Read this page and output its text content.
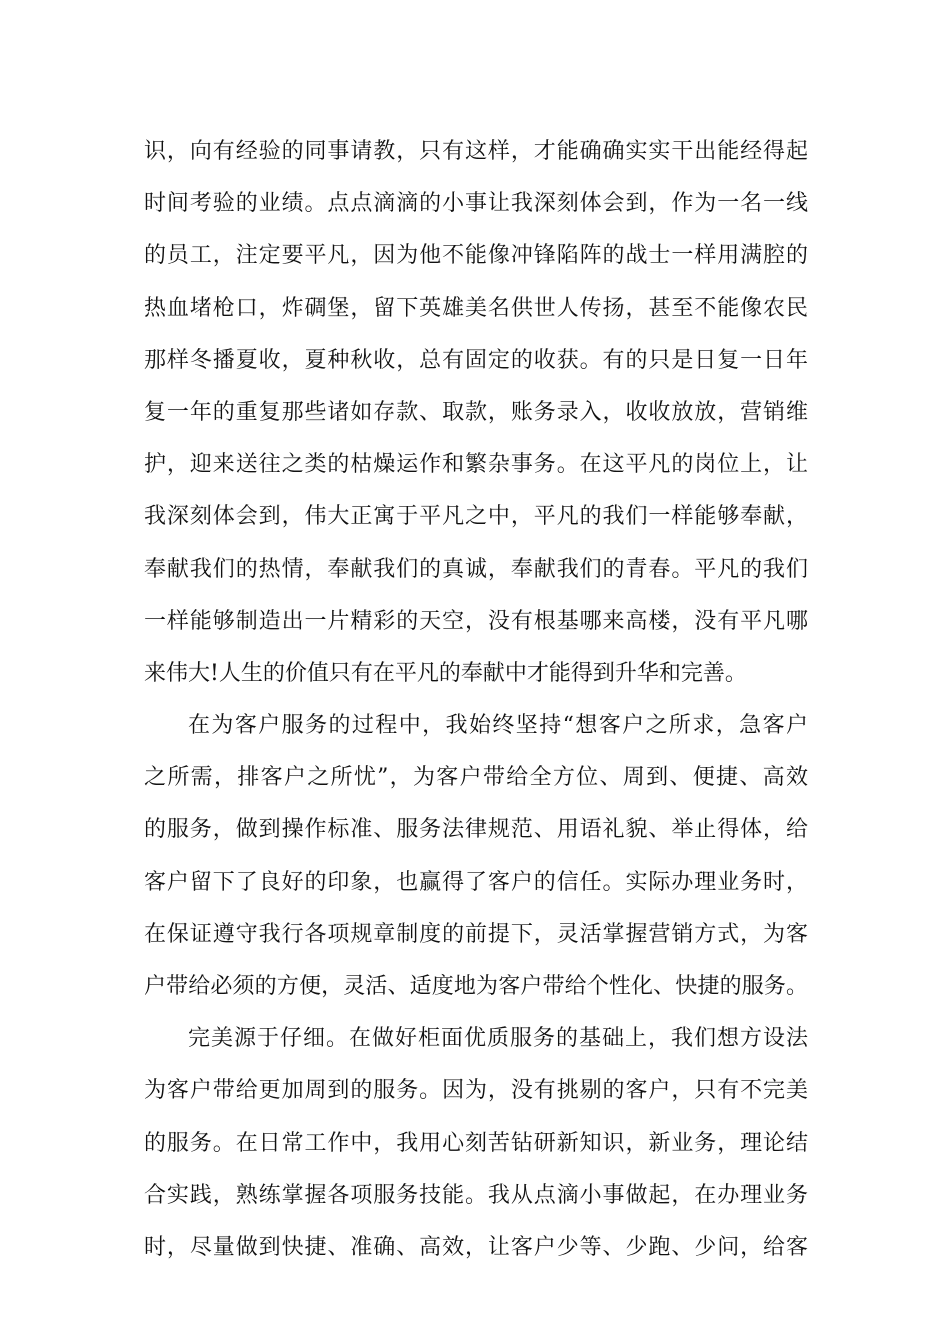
识，向有经验的同事请教，只有这样，才能确确实实干出能经得起
时间考验的业绩。点点滴滴的小事让我深刻体会到，作为一名一线
的员工，注定要平凡，因为他不能像冲锋陷阵的战士一样用满腔的
热血堵枪口，炸碉堡，留下英雄美名供世人传扬，甚至不能像农民
那样冬播夏收，夏种秋收，总有固定的收获。有的只是日复一日年
复一年的重复那些诸如存款、取款，账务录入，收收放放，营销维
护，迎来送往之类的枯燥运作和繁杂事务。在这平凡的岗位上，让
我深刻体会到，伟大正寓于平凡之中，平凡的我们一样能够奉献，
奉献我们的热情，奉献我们的真诚，奉献我们的青春。平凡的我们
一样能够制造出一片精彩的天空，没有根基哪来高楼，没有平凡哪
来伟大!人生的价值只有在平凡的奉献中才能得到升华和完善。
在为客户服务的过程中，我始终坚持“想客户之所求，急客户
之所需，排客户之所忧”，为客户带给全方位、周到、便捷、高效
的服务，做到操作标准、服务法律规范、用语礼貌、举止得体，给
客户留下了良好的印象，也赢得了客户的信任。实际办理业务时，
在保证遵守我行各项规章制度的前提下，灵活掌握营销方式，为客
户带给必须的方便，灵活、适度地为客户带给个性化、快捷的服务。
完美源于仔细。在做好柜面优质服务的基础上，我们想方设法
为客户带给更加周到的服务。因为，没有挑剔的客户，只有不完美
的服务。在日常工作中，我用心刻苦钻研新知识，新业务，理论结
合实践，熟练掌握各项服务技能。我从点滴小事做起，在办理业务
时，尽量做到快捷、准确、高效，让客户少等、少跑、少问，给客
